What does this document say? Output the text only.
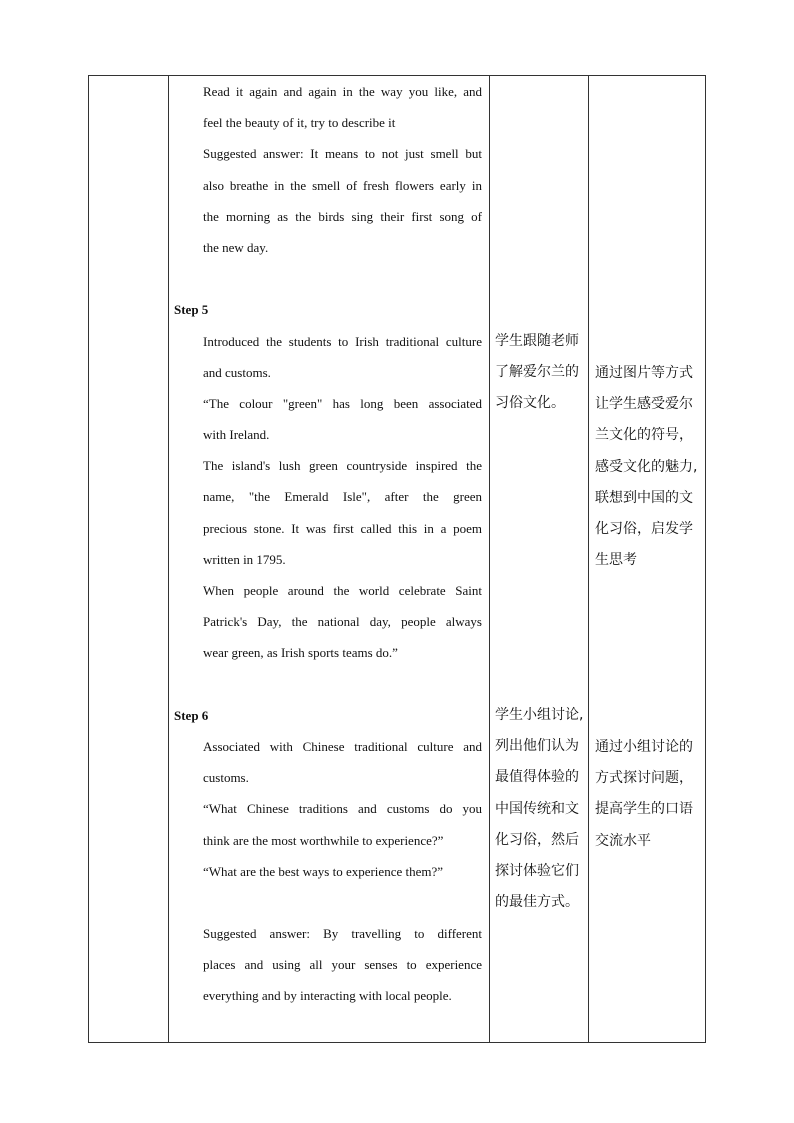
Read it again and again in the way you like, and
feel the beauty of it, try to describe it
Suggested answer: It means to not just smell but
also breathe in the smell of fresh flowers early in
the morning as the birds sing their first song of
the new day.
Step 5
Introduced the students to Irish traditional culture
and customs.
“The colour "green" has long been associated
with Ireland.
The island's lush green countryside inspired the
name, "the Emerald Isle", after the green
precious stone. It was first called this in a poem
written in 1795.
When people around the world celebrate Saint
Patrick's Day, the national day, people always
wear green, as Irish sports teams do.”
Step 6
Associated with Chinese traditional culture and
customs.
“What Chinese traditions and customs do you
think are the most worthwhile to experience?”
“What are the best ways to experience them?”
Suggested answer: By travelling to different
places and using all your senses to experience
everything and by interacting with local people.
学生跟随老师
了解爱尔兰的
习俗文化。
学生小组讨论,
列出他们认为
最值得体验的
中国传统和文
化习俗，然后
探讨体验它们
的最佳方式。
通过图片等方式
让学生感受爱尔
兰文化的符号，
感受文化的魅力,
联想到中国的文
化习俗，启发学
生思考
通过小组讨论的
方式探讨问题，
提高学生的口语
交流水平
